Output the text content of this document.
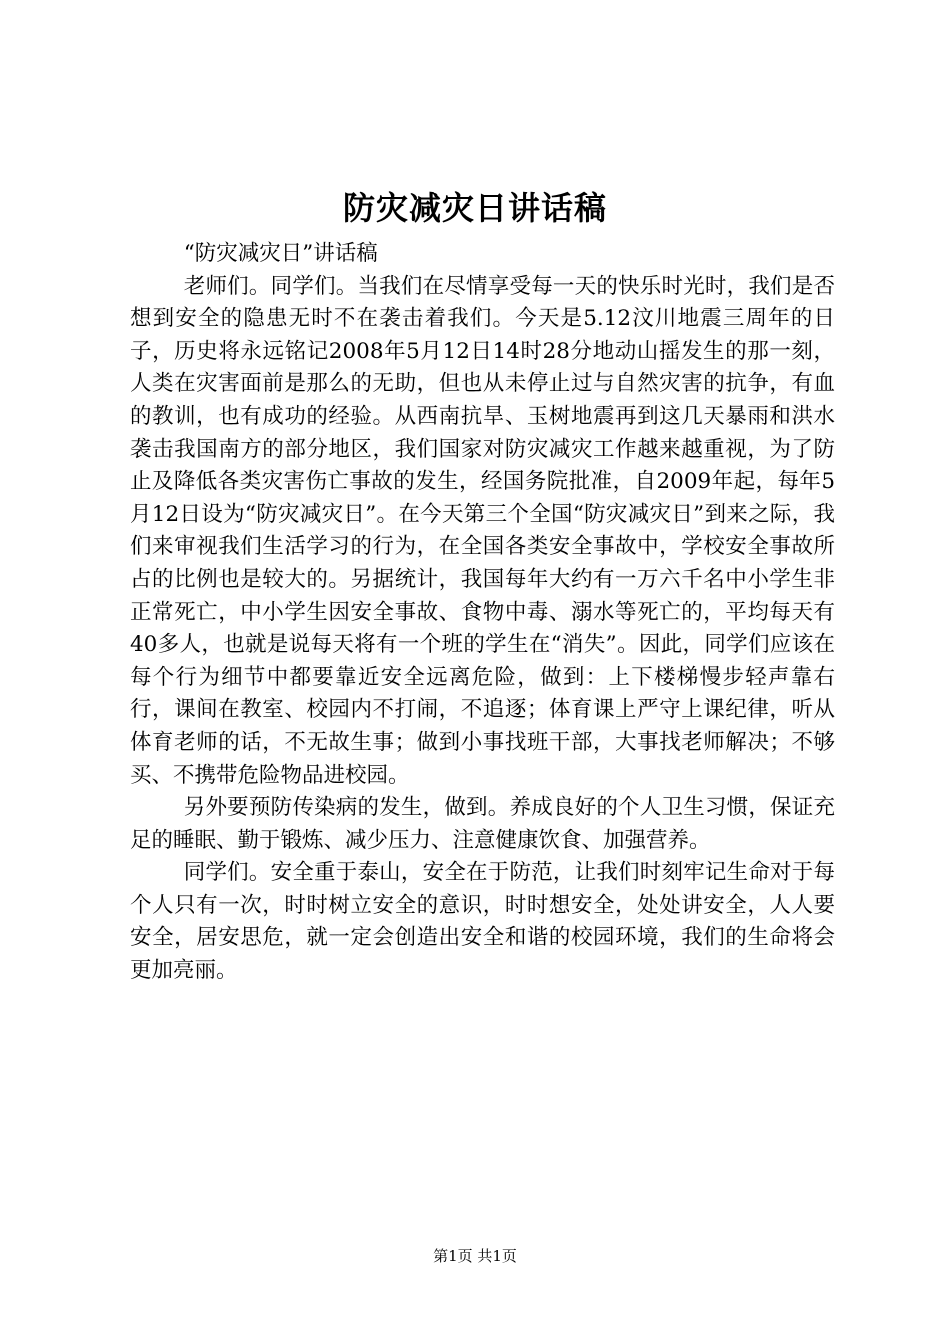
防灾减灾日讲话稿

“防灾减灾日”讲话稿

老师们。同学们。当我们在尽情享受每一天的快乐时光时，我们是否想到安全的隐患无时不在袭击着我们。今天是5.12汶川地震三周年的日子，历史将永远铭记2008年5月12日14时28分地动山摇发生的那一刻，人类在灾害面前是那么的无助，但也从未停止过与自然灾害的抗争，有血的教训，也有成功的经验。从西南抗旱、玉树地震再到这几天暴雨和洪水袭击我国南方的部分地区，我们国家对防灾减灾工作越来越重视，为了防止及降低各类灾害伤亡事故的发生，经国务院批准，自2009年起，每年5月12日设为“防灾减灾日”。在今天第三个全国“防灾减灾日”到来之际，我们来审视我们生活学习的行为，在全国各类安全事故中，学校安全事故所占的比例也是较大的。另据统计，我国每年大约有一万六千名中小学生非正常死亡，中小学生因安全事故、食物中毒、溺水等死亡的，平均每天有40多人，也就是说每天将有一个班的学生在“消失”。因此，同学们应该在每个行为细节中都要靠近安全远离危险，做到：上下楼梯慢步轻声靠右行，课间在教室、校园内不打闹，不追逐；体育课上严守上课纪律，听从体育老师的话，不无故生事；做到小事找班干部，大事找老师解决；不够买、不携带危险物品进校园。

另外要预防传染病的发生，做到。养成良好的个人卫生习惯，保证充足的睡眠、勤于锻炼、减少压力、注意健康饮食、加强营养。

同学们。安全重于泰山，安全在于防范，让我们时刻牢记生命对于每个人只有一次，时时树立安全的意识，时时想安全，处处讲安全，人人要安全，居安思危，就一定会创造出安全和谐的校园环境，我们的生命将会更加亮丽。

第1页 共1页
